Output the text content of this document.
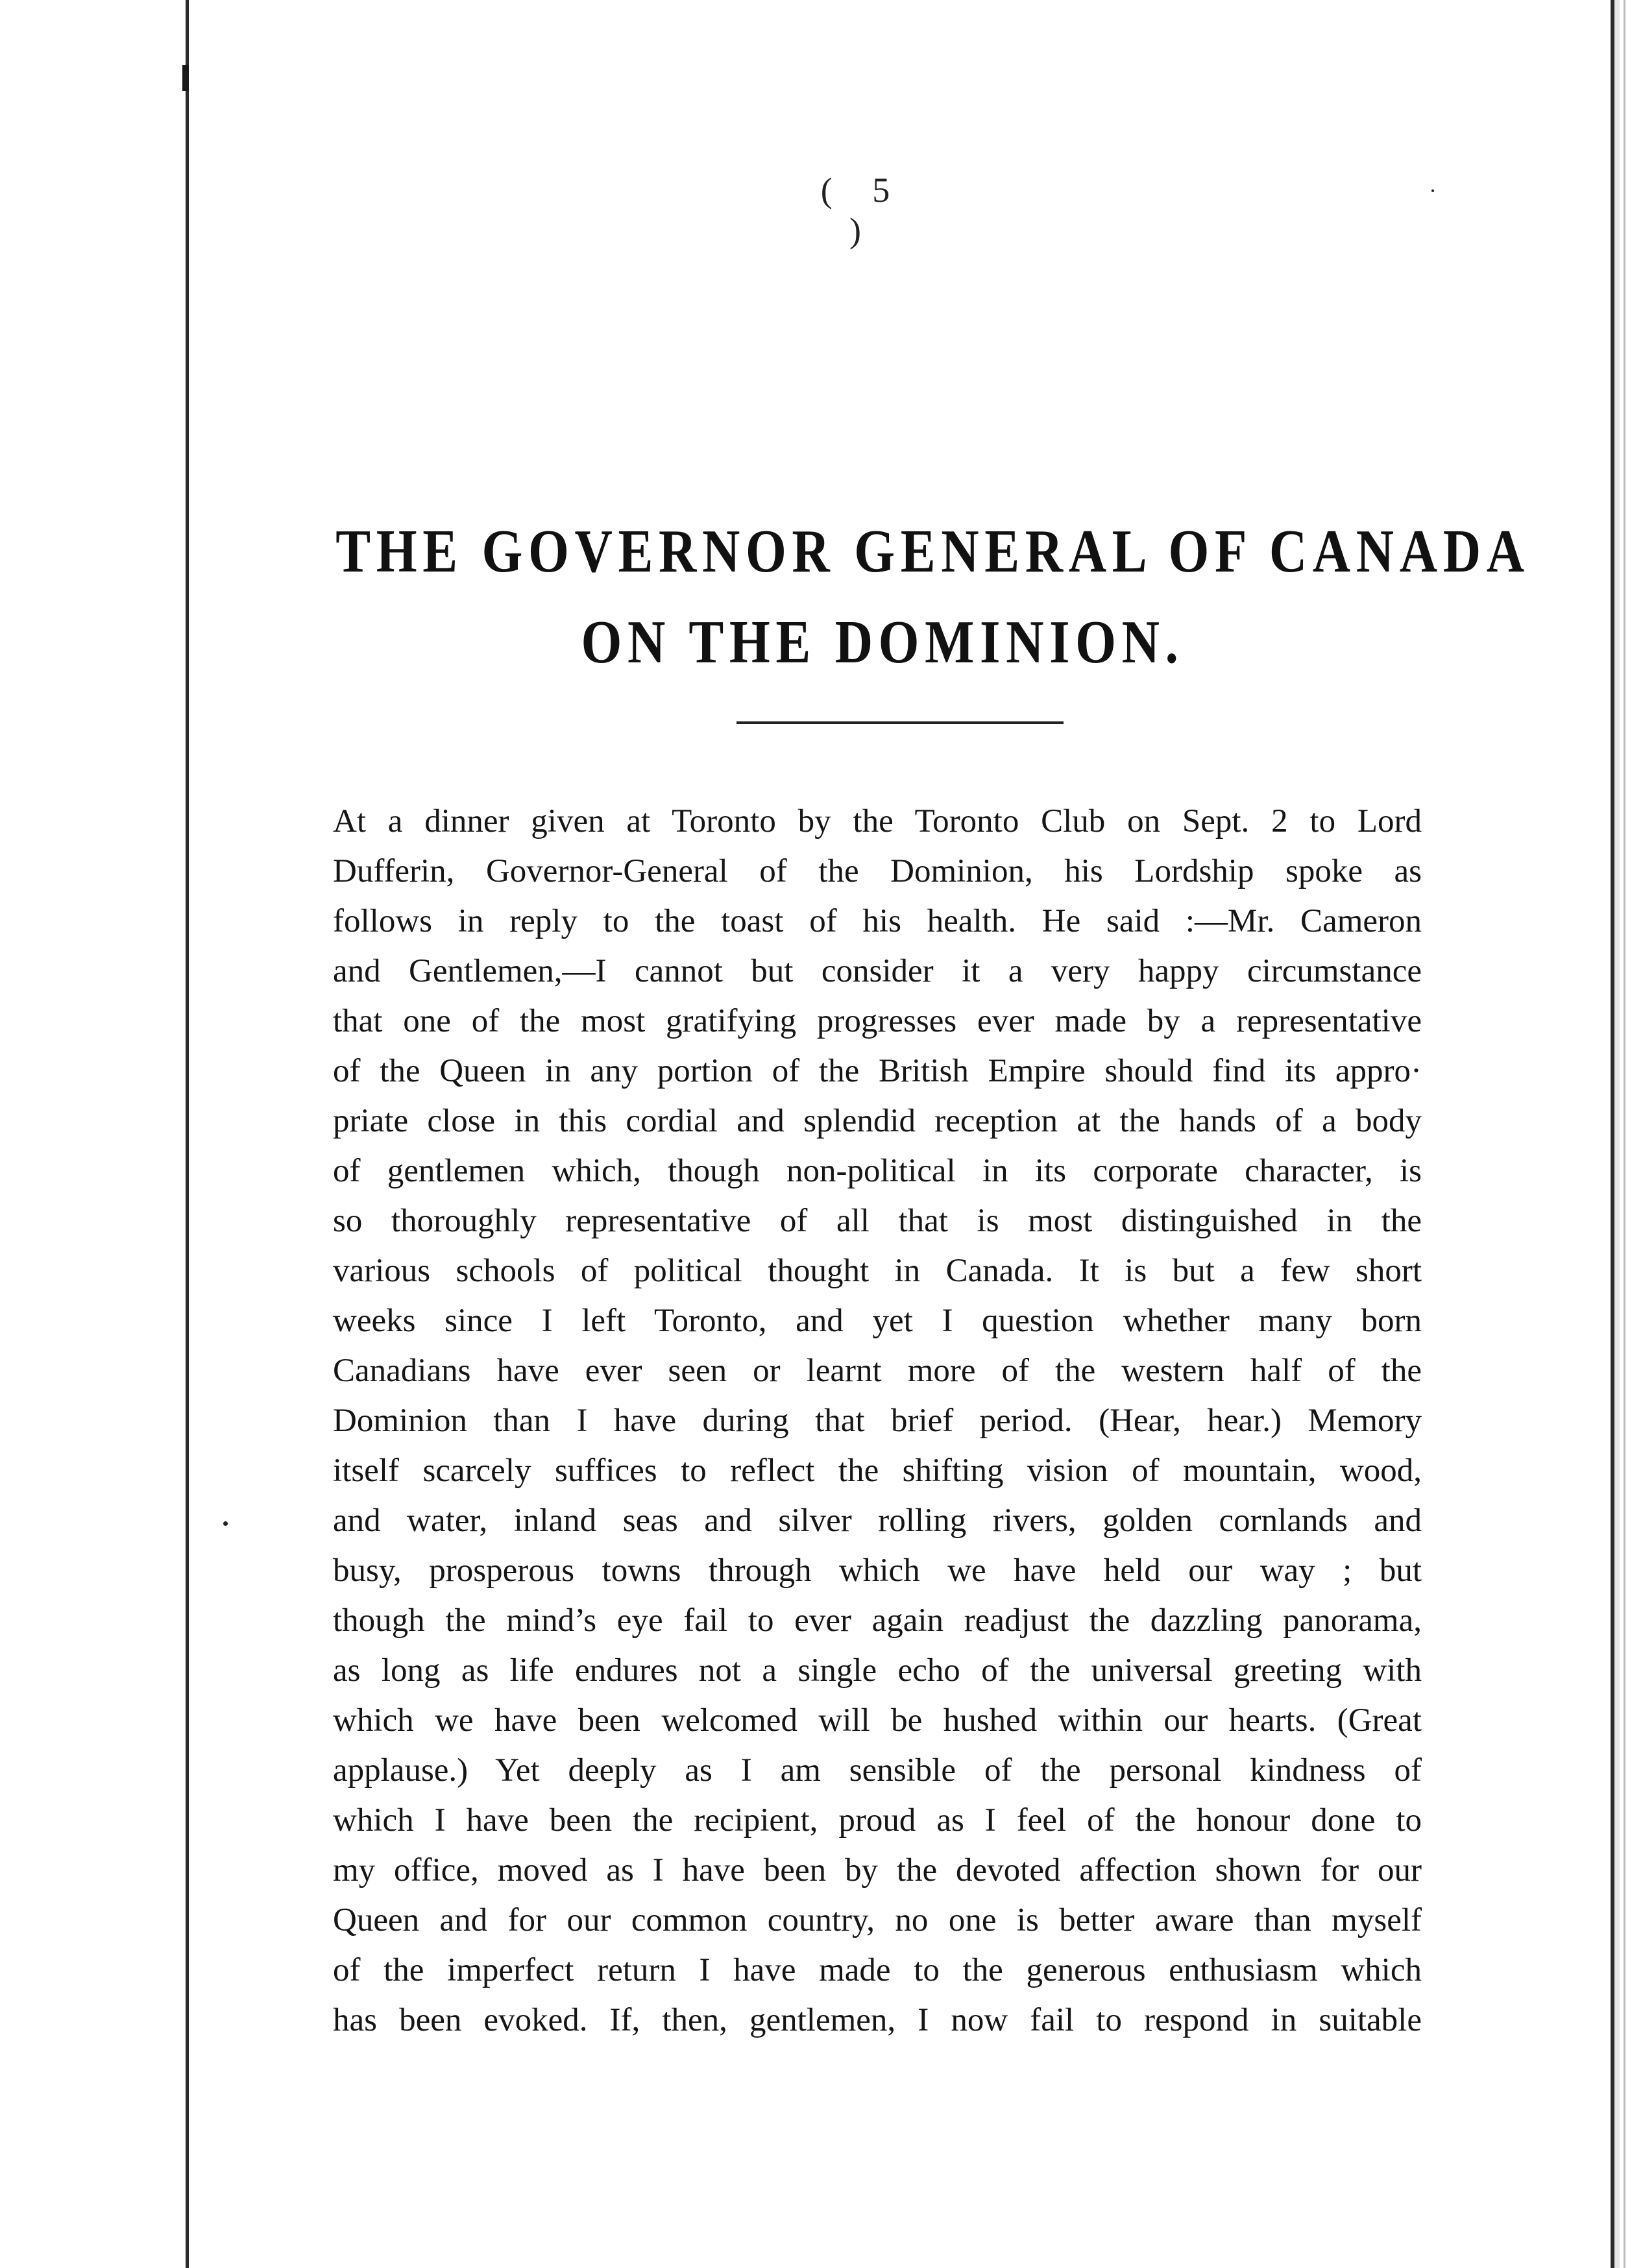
( 5 )
THE GOVERNOR GENERAL OF CANADA
ON THE DOMINION.
At a dinner given at Toronto by the Toronto Club on Sept. 2 to Lord
Dufferin, Governor-General of the Dominion, his Lordship spoke as
follows in reply to the toast of his health. He said :—Mr. Cameron
and Gentlemen,—I cannot but consider it a very happy circumstance
that one of the most gratifying progresses ever made by a representative
of the Queen in any portion of the British Empire should find its appro·
priate close in this cordial and splendid reception at the hands of a body
of gentlemen which, though non-political in its corporate character, is
so thoroughly representative of all that is most distinguished in the
various schools of political thought in Canada. It is but a few short
weeks since I left Toronto, and yet I question whether many born
Canadians have ever seen or learnt more of the western half of the
Dominion than I have during that brief period. (Hear, hear.) Memory
itself scarcely suffices to reflect the shifting vision of mountain, wood,
and water, inland seas and silver rolling rivers, golden cornlands and
busy, prosperous towns through which we have held our way ; but
though the mind’s eye fail to ever again readjust the dazzling panorama,
as long as life endures not a single echo of the universal greeting with
which we have been welcomed will be hushed within our hearts. (Great
applause.) Yet deeply as I am sensible of the personal kindness of
which I have been the recipient, proud as I feel of the honour done to
my office, moved as I have been by the devoted affection shown for our
Queen and for our common country, no one is better aware than myself
of the imperfect return I have made to the generous enthusiasm which
has been evoked. If, then, gentlemen, I now fail to respond in suitable
